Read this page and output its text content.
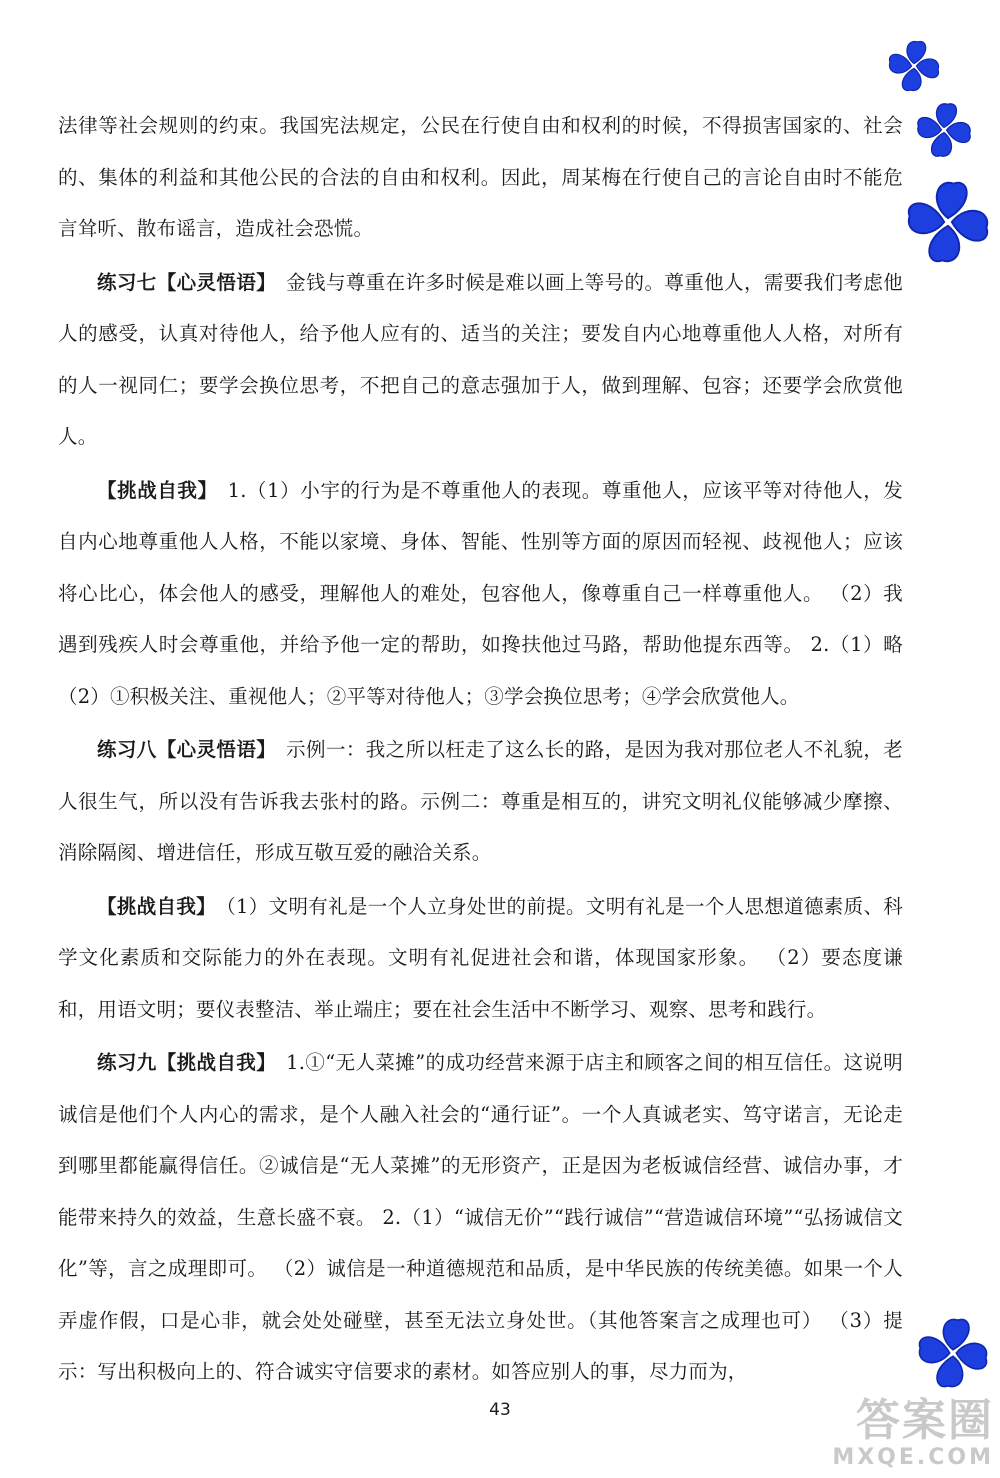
法律等社会规则的约束。我国宪法规定，公民在行使自由和权利的时候，不得损害国家的、社会的、集体的利益和其他公民的合法的自由和权利。因此，周某梅在行使自己的言论自由时不能危言耸听、散布谣言，造成社会恐慌。

练习七【心灵悟语】 金钱与尊重在许多时候是难以画上等号的。尊重他人，需要我们考虑他人的感受，认真对待他人，给予他人应有的、适当的关注；要发自内心地尊重他人人格，对所有的人一视同仁；要学会换位思考，不把自己的意志强加于人，做到理解、包容；还要学会欣赏他人。

【挑战自我】 1.（1）小宇的行为是不尊重他人的表现。尊重他人，应该平等对待他人，发自内心地尊重他人人格，不能以家境、身体、智能、性别等方面的原因而轻视、歧视他人；应该将心比心，体会他人的感受，理解他人的难处，包容他人，像尊重自己一样尊重他人。 （2）我遇到残疾人时会尊重他，并给予他一定的帮助，如搀扶他过马路，帮助他提东西等。 2.（1）略 （2）①积极关注、重视他人；②平等对待他人；③学会换位思考；④学会欣赏他人。

练习八【心灵悟语】 示例一：我之所以枉走了这么长的路，是因为我对那位老人不礼貌，老人很生气，所以没有告诉我去张村的路。示例二：尊重是相互的，讲究文明礼仪能够减少摩擦、消除隔阂、增进信任，形成互敬互爱的融洽关系。

【挑战自我】 （1）文明有礼是一个人立身处世的前提。文明有礼是一个人思想道德素质、科学文化素质和交际能力的外在表现。文明有礼促进社会和谐，体现国家形象。 （2）要态度谦和，用语文明；要仪表整洁、举止端庄；要在社会生活中不断学习、观察、思考和践行。

练习九【挑战自我】 1.①“无人菜摊”的成功经营来源于店主和顾客之间的相互信任。这说明诚信是他们个人内心的需求，是个人融入社会的“通行证”。一个人真诚老实、笃守诺言，无论走到哪里都能赢得信任。②诚信是“无人菜摊”的无形资产，正是因为老板诚信经营、诚信办事，才能带来持久的效益，生意长盛不衰。 2.（1）“诚信无价”“践行诚信”“营造诚信环境”“弘扬诚信文化”等，言之成理即可。 （2）诚信是一种道德规范和品质，是中华民族的传统美德。如果一个人弄虚作假，口是心非，就会处处碰壁，甚至无法立身处世。（其他答案言之成理也可） （3）提示：写出积极向上的、符合诚实守信要求的素材。如答应别人的事，尽力而为，

43	答案圈
MXQE.COM
